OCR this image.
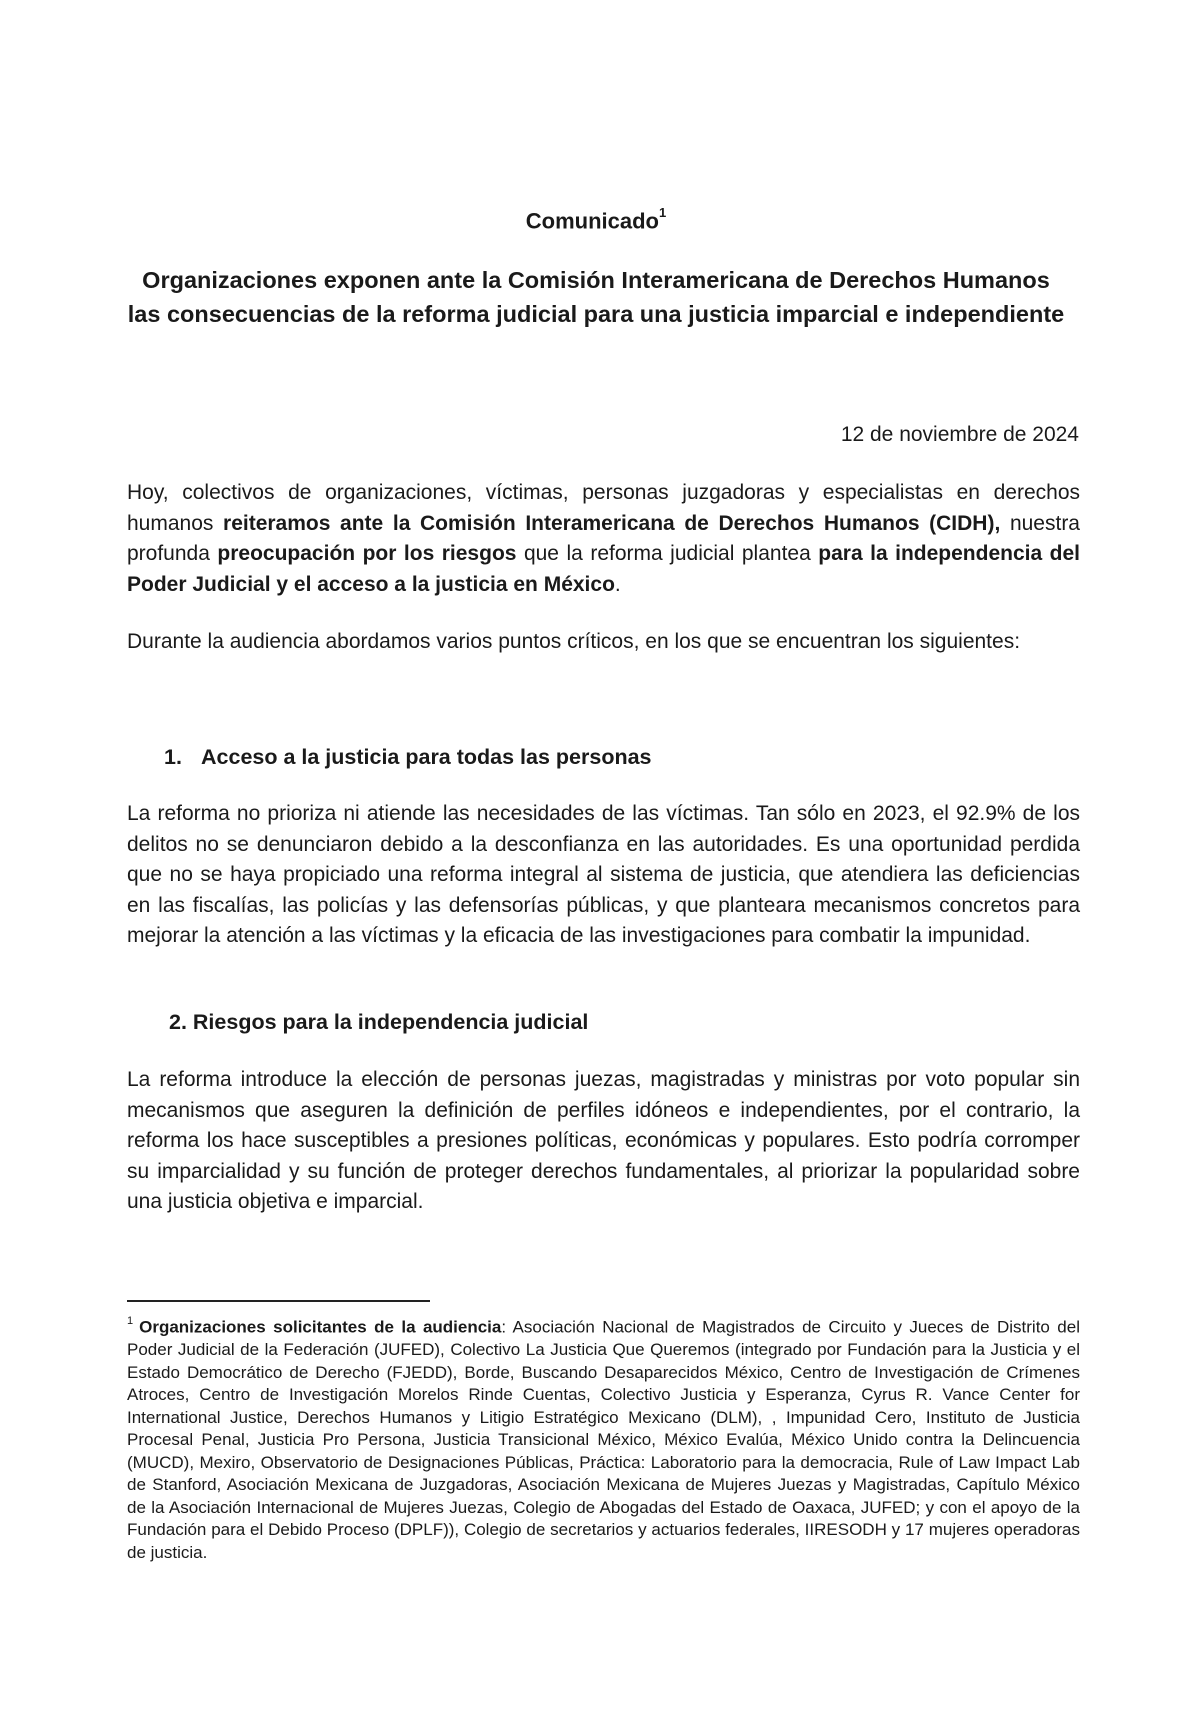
Comunicado$^1$
Organizaciones exponen ante la Comisión Interamericana de Derechos Humanos las consecuencias de la reforma judicial para una justicia imparcial e independiente
12 de noviembre de 2024
Hoy, colectivos de organizaciones, víctimas, personas juzgadoras y especialistas en derechos humanos reiteramos ante la Comisión Interamericana de Derechos Humanos (CIDH), nuestra profunda preocupación por los riesgos que la reforma judicial plantea para la independencia del Poder Judicial y el acceso a la justicia en México.
Durante la audiencia abordamos varios puntos críticos, en los que se encuentran los siguientes:
1. Acceso a la justicia para todas las personas
La reforma no prioriza ni atiende las necesidades de las víctimas. Tan sólo en 2023, el 92.9% de los delitos no se denunciaron debido a la desconfianza en las autoridades. Es una oportunidad perdida que no se haya propiciado una reforma integral al sistema de justicia, que atendiera las deficiencias en las fiscalías, las policías y las defensorías públicas, y que planteara mecanismos concretos para mejorar la atención a las víctimas y la eficacia de las investigaciones para combatir la impunidad.
2. Riesgos para la independencia judicial
La reforma introduce la elección de personas juezas, magistradas y ministras por voto popular sin mecanismos que aseguren la definición de perfiles idóneos e independientes, por el contrario, la reforma los hace susceptibles a presiones políticas, económicas y populares. Esto podría corromper su imparcialidad y su función de proteger derechos fundamentales, al priorizar la popularidad sobre una justicia objetiva e imparcial.
$^1$ Organizaciones solicitantes de la audiencia: Asociación Nacional de Magistrados de Circuito y Jueces de Distrito del Poder Judicial de la Federación (JUFED), Colectivo La Justicia Que Queremos (integrado por Fundación para la Justicia y el Estado Democrático de Derecho (FJEDD), Borde, Buscando Desaparecidos México, Centro de Investigación de Crímenes Atroces, Centro de Investigación Morelos Rinde Cuentas, Colectivo Justicia y Esperanza, Cyrus R. Vance Center for International Justice, Derechos Humanos y Litigio Estratégico Mexicano (DLM), , Impunidad Cero, Instituto de Justicia Procesal Penal, Justicia Pro Persona, Justicia Transicional México, México Evalúa, México Unido contra la Delincuencia (MUCD), Mexiro, Observatorio de Designaciones Públicas, Práctica: Laboratorio para la democracia, Rule of Law Impact Lab de Stanford, Asociación Mexicana de Juzgadoras, Asociación Mexicana de Mujeres Juezas y Magistradas, Capítulo México de la Asociación Internacional de Mujeres Juezas, Colegio de Abogadas del Estado de Oaxaca, JUFED; y con el apoyo de la Fundación para el Debido Proceso (DPLF)), Colegio de secretarios y actuarios federales, IIRESODH y 17 mujeres operadoras de justicia.
